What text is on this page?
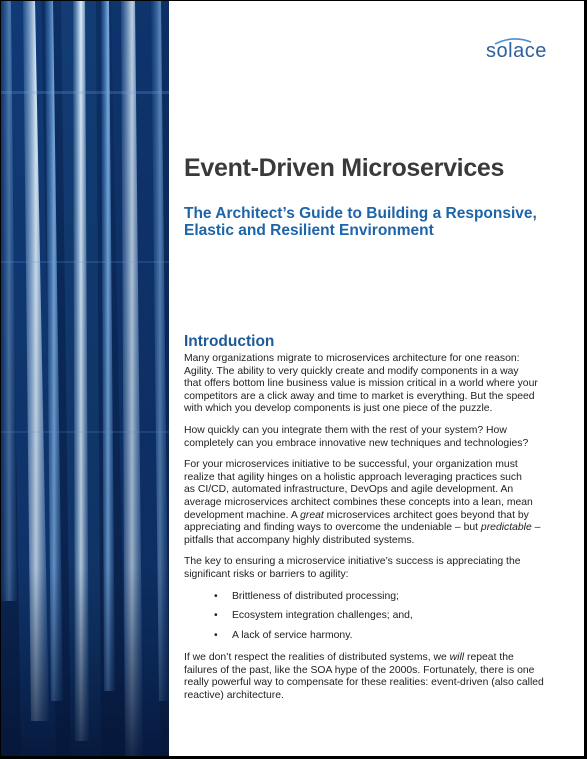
solace
Event-Driven Microservices
The Architect’s Guide to Building a Responsive,
Elastic and Resilient Environment
Introduction

Many organizations migrate to microservices architecture for one reason:
Agility. The ability to very quickly create and modify components in a way
that offers bottom line business value is mission critical in a world where your
competitors are a click away and time to market is everything. But the speed
with which you develop components is just one piece of the puzzle.

How quickly can you integrate them with the rest of your system? How
completely can you embrace innovative new techniques and technologies?

For your microservices initiative to be successful, your organization must
realize that agility hinges on a holistic approach leveraging practices such
as CI/CD, automated infrastructure, DevOps and agile development. An
average microservices architect combines these concepts into a lean, mean
development machine. A great microservices architect goes beyond that by
appreciating and finding ways to overcome the undeniable – but predictable –
pitfalls that accompany highly distributed systems.

The key to ensuring a microservice initiative’s success is appreciating the
significant risks or barriers to agility:

• Brittleness of distributed processing;
• Ecosystem integration challenges; and,
• A lack of service harmony.

If we don’t respect the realities of distributed systems, we will repeat the
failures of the past, like the SOA hype of the 2000s. Fortunately, there is one
really powerful way to compensate for these realities: event-driven (also called
reactive) architecture.
